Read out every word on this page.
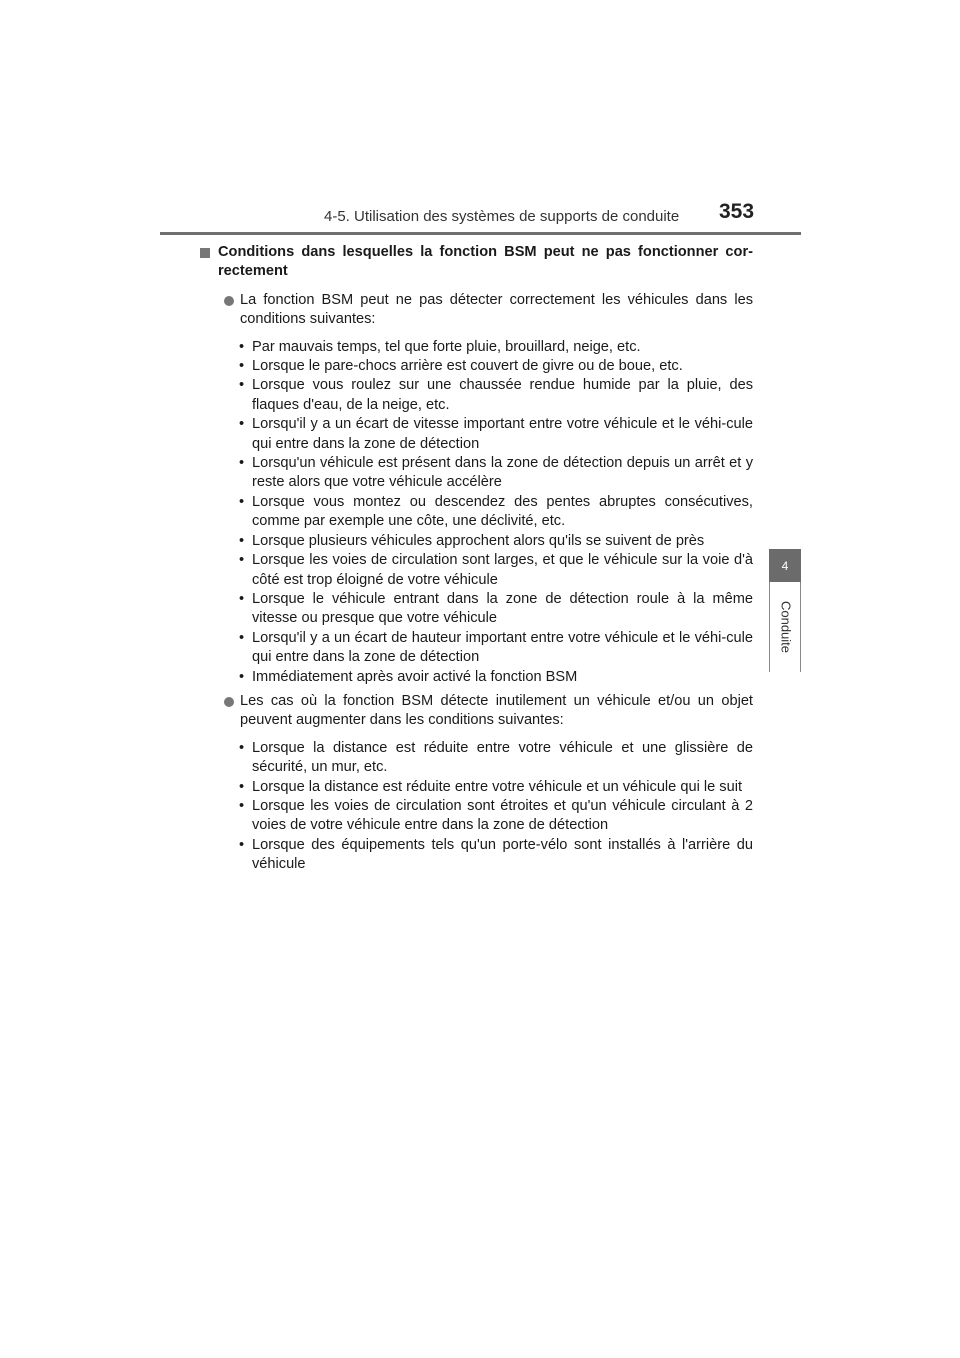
4-5. Utilisation des systèmes de supports de conduite 353
4
Conduite
Conditions dans lesquelles la fonction BSM peut ne pas fonctionner cor-rectement
La fonction BSM peut ne pas détecter correctement les véhicules dans les conditions suivantes:
• Par mauvais temps, tel que forte pluie, brouillard, neige, etc.
• Lorsque le pare-chocs arrière est couvert de givre ou de boue, etc.
• Lorsque vous roulez sur une chaussée rendue humide par la pluie, des flaques d'eau, de la neige, etc.
• Lorsqu'il y a un écart de vitesse important entre votre véhicule et le véhi-cule qui entre dans la zone de détection
• Lorsqu'un véhicule est présent dans la zone de détection depuis un arrêt et y reste alors que votre véhicule accélère
• Lorsque vous montez ou descendez des pentes abruptes consécutives, comme par exemple une côte, une déclivité, etc.
• Lorsque plusieurs véhicules approchent alors qu'ils se suivent de près
• Lorsque les voies de circulation sont larges, et que le véhicule sur la voie d'à côté est trop éloigné de votre véhicule
• Lorsque le véhicule entrant dans la zone de détection roule à la même vitesse ou presque que votre véhicule
• Lorsqu'il y a un écart de hauteur important entre votre véhicule et le véhi-cule qui entre dans la zone de détection
• Immédiatement après avoir activé la fonction BSM
Les cas où la fonction BSM détecte inutilement un véhicule et/ou un objet peuvent augmenter dans les conditions suivantes:
• Lorsque la distance est réduite entre votre véhicule et une glissière de sécurité, un mur, etc.
• Lorsque la distance est réduite entre votre véhicule et un véhicule qui le suit
• Lorsque les voies de circulation sont étroites et qu'un véhicule circulant à 2 voies de votre véhicule entre dans la zone de détection
• Lorsque des équipements tels qu'un porte-vélo sont installés à l'arrière du véhicule
